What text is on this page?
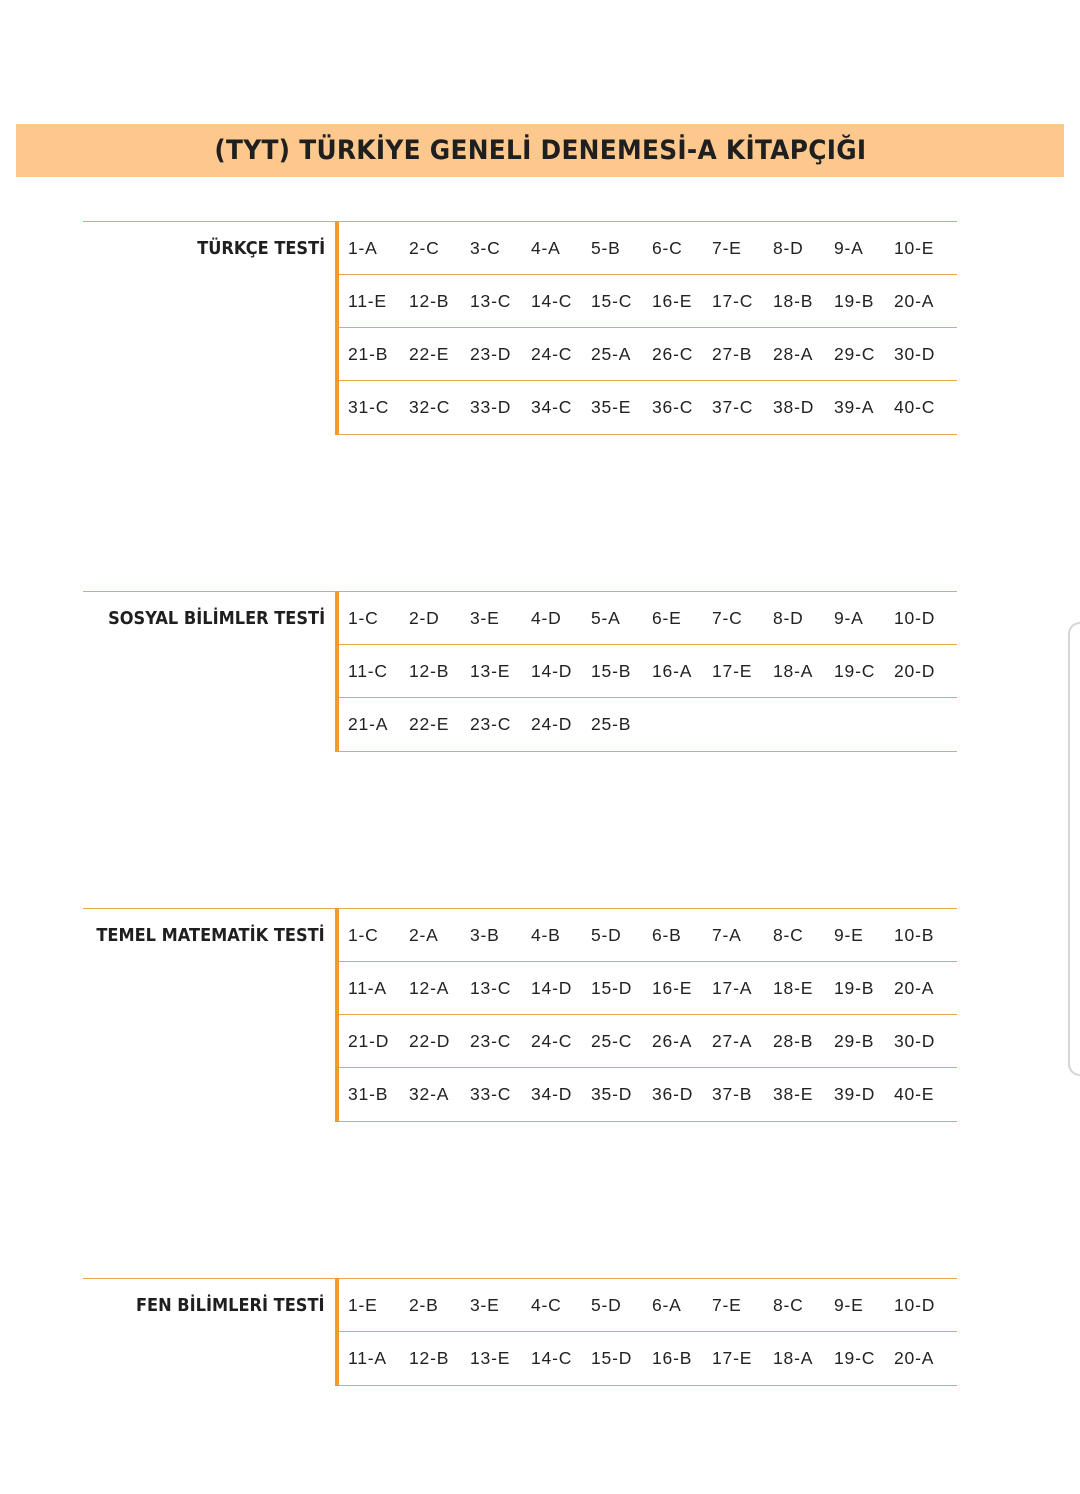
(TYT) TÜRKİYE GENELİ DENEMESİ-A KİTAPÇIĞI
TÜRKÇE TESTİ 1-A 2-C 3-C 4-A 5-B 6-C 7-E 8-D 9-A 10-E
11-E 12-B 13-C 14-C 15-C 16-E 17-C 18-B 19-B 20-A
21-B 22-E 23-D 24-C 25-A 26-C 27-B 28-A 29-C 30-D
31-C 32-C 33-D 34-C 35-E 36-C 37-C 38-D 39-A 40-C
SOSYAL BİLİMLER TESTİ 1-C 2-D 3-E 4-D 5-A 6-E 7-C 8-D 9-A 10-D
11-C 12-B 13-E 14-D 15-B 16-A 17-E 18-A 19-C 20-D
21-A 22-E 23-C 24-D 25-B
TEMEL MATEMATİK TESTİ 1-C 2-A 3-B 4-B 5-D 6-B 7-A 8-C 9-E 10-B
11-A 12-A 13-C 14-D 15-D 16-E 17-A 18-E 19-B 20-A
21-D 22-D 23-C 24-C 25-C 26-A 27-A 28-B 29-B 30-D
31-B 32-A 33-C 34-D 35-D 36-D 37-B 38-E 39-D 40-E
FEN BİLİMLERİ TESTİ 1-E 2-B 3-E 4-C 5-D 6-A 7-E 8-C 9-E 10-D
11-A 12-B 13-E 14-C 15-D 16-B 17-E 18-A 19-C 20-A
